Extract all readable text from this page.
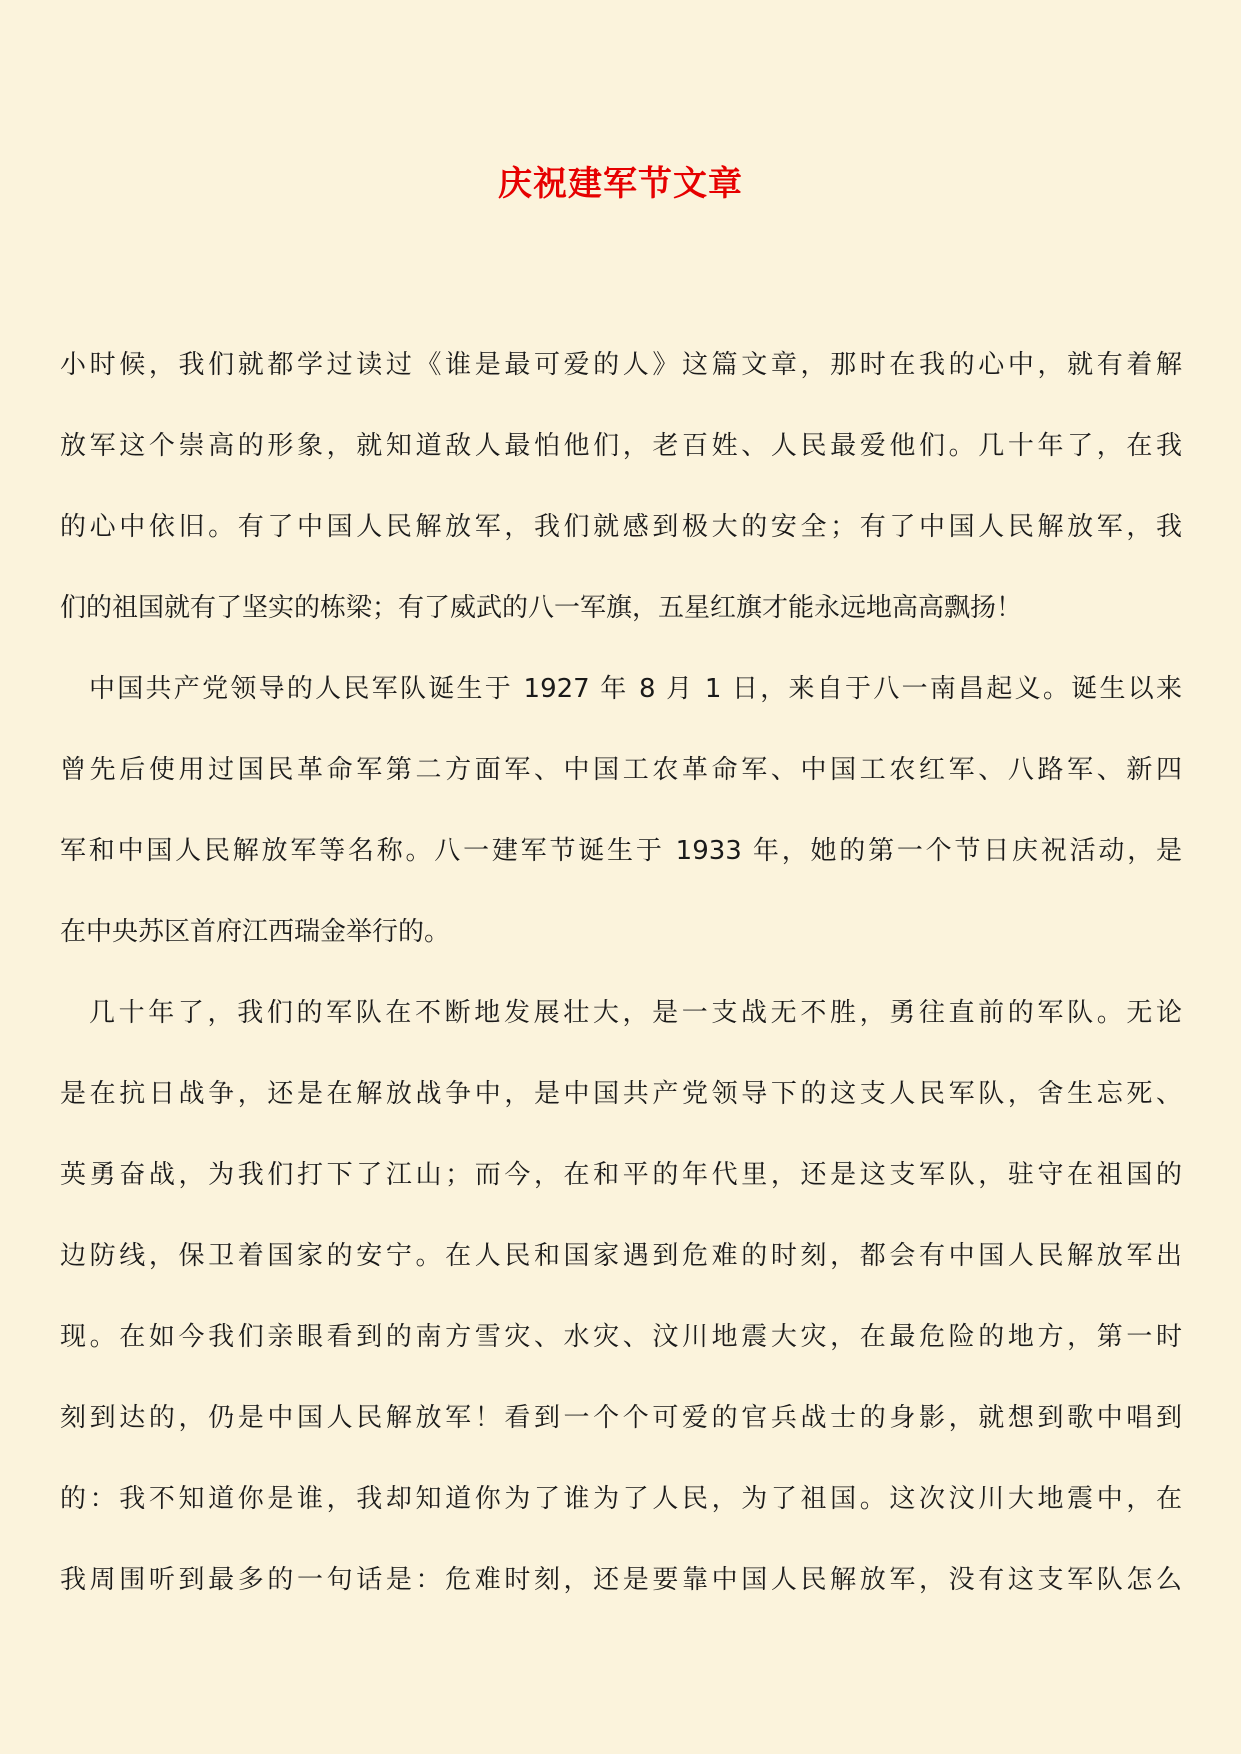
庆祝建军节文章
小时候，我们就都学过读过《谁是最可爱的人》这篇文章，那时在我的心中，就有着解
放军这个崇高的形象，就知道敌人最怕他们，老百姓、人民最爱他们。几十年了，在我
的心中依旧。有了中国人民解放军，我们就感到极大的安全；有了中国人民解放军，我
们的祖国就有了坚实的栋梁；有了威武的八一军旗，五星红旗才能永远地高高飘扬！
中国共产党领导的人民军队诞生于 1927 年 8 月 1 日，来自于八一南昌起义。诞生以来
曾先后使用过国民革命军第二方面军、中国工农革命军、中国工农红军、八路军、新四
军和中国人民解放军等名称。八一建军节诞生于 1933 年，她的第一个节日庆祝活动，是
在中央苏区首府江西瑞金举行的。
几十年了，我们的军队在不断地发展壮大，是一支战无不胜，勇往直前的军队。无论
是在抗日战争，还是在解放战争中，是中国共产党领导下的这支人民军队，舍生忘死、
英勇奋战，为我们打下了江山；而今，在和平的年代里，还是这支军队，驻守在祖国的
边防线，保卫着国家的安宁。在人民和国家遇到危难的时刻，都会有中国人民解放军出
现。在如今我们亲眼看到的南方雪灾、水灾、汶川地震大灾，在最危险的地方，第一时
刻到达的，仍是中国人民解放军！看到一个个可爱的官兵战士的身影，就想到歌中唱到
的：我不知道你是谁，我却知道你为了谁为了人民，为了祖国。这次汶川大地震中，在
我周围听到最多的一句话是：危难时刻，还是要靠中国人民解放军，没有这支军队怎么
